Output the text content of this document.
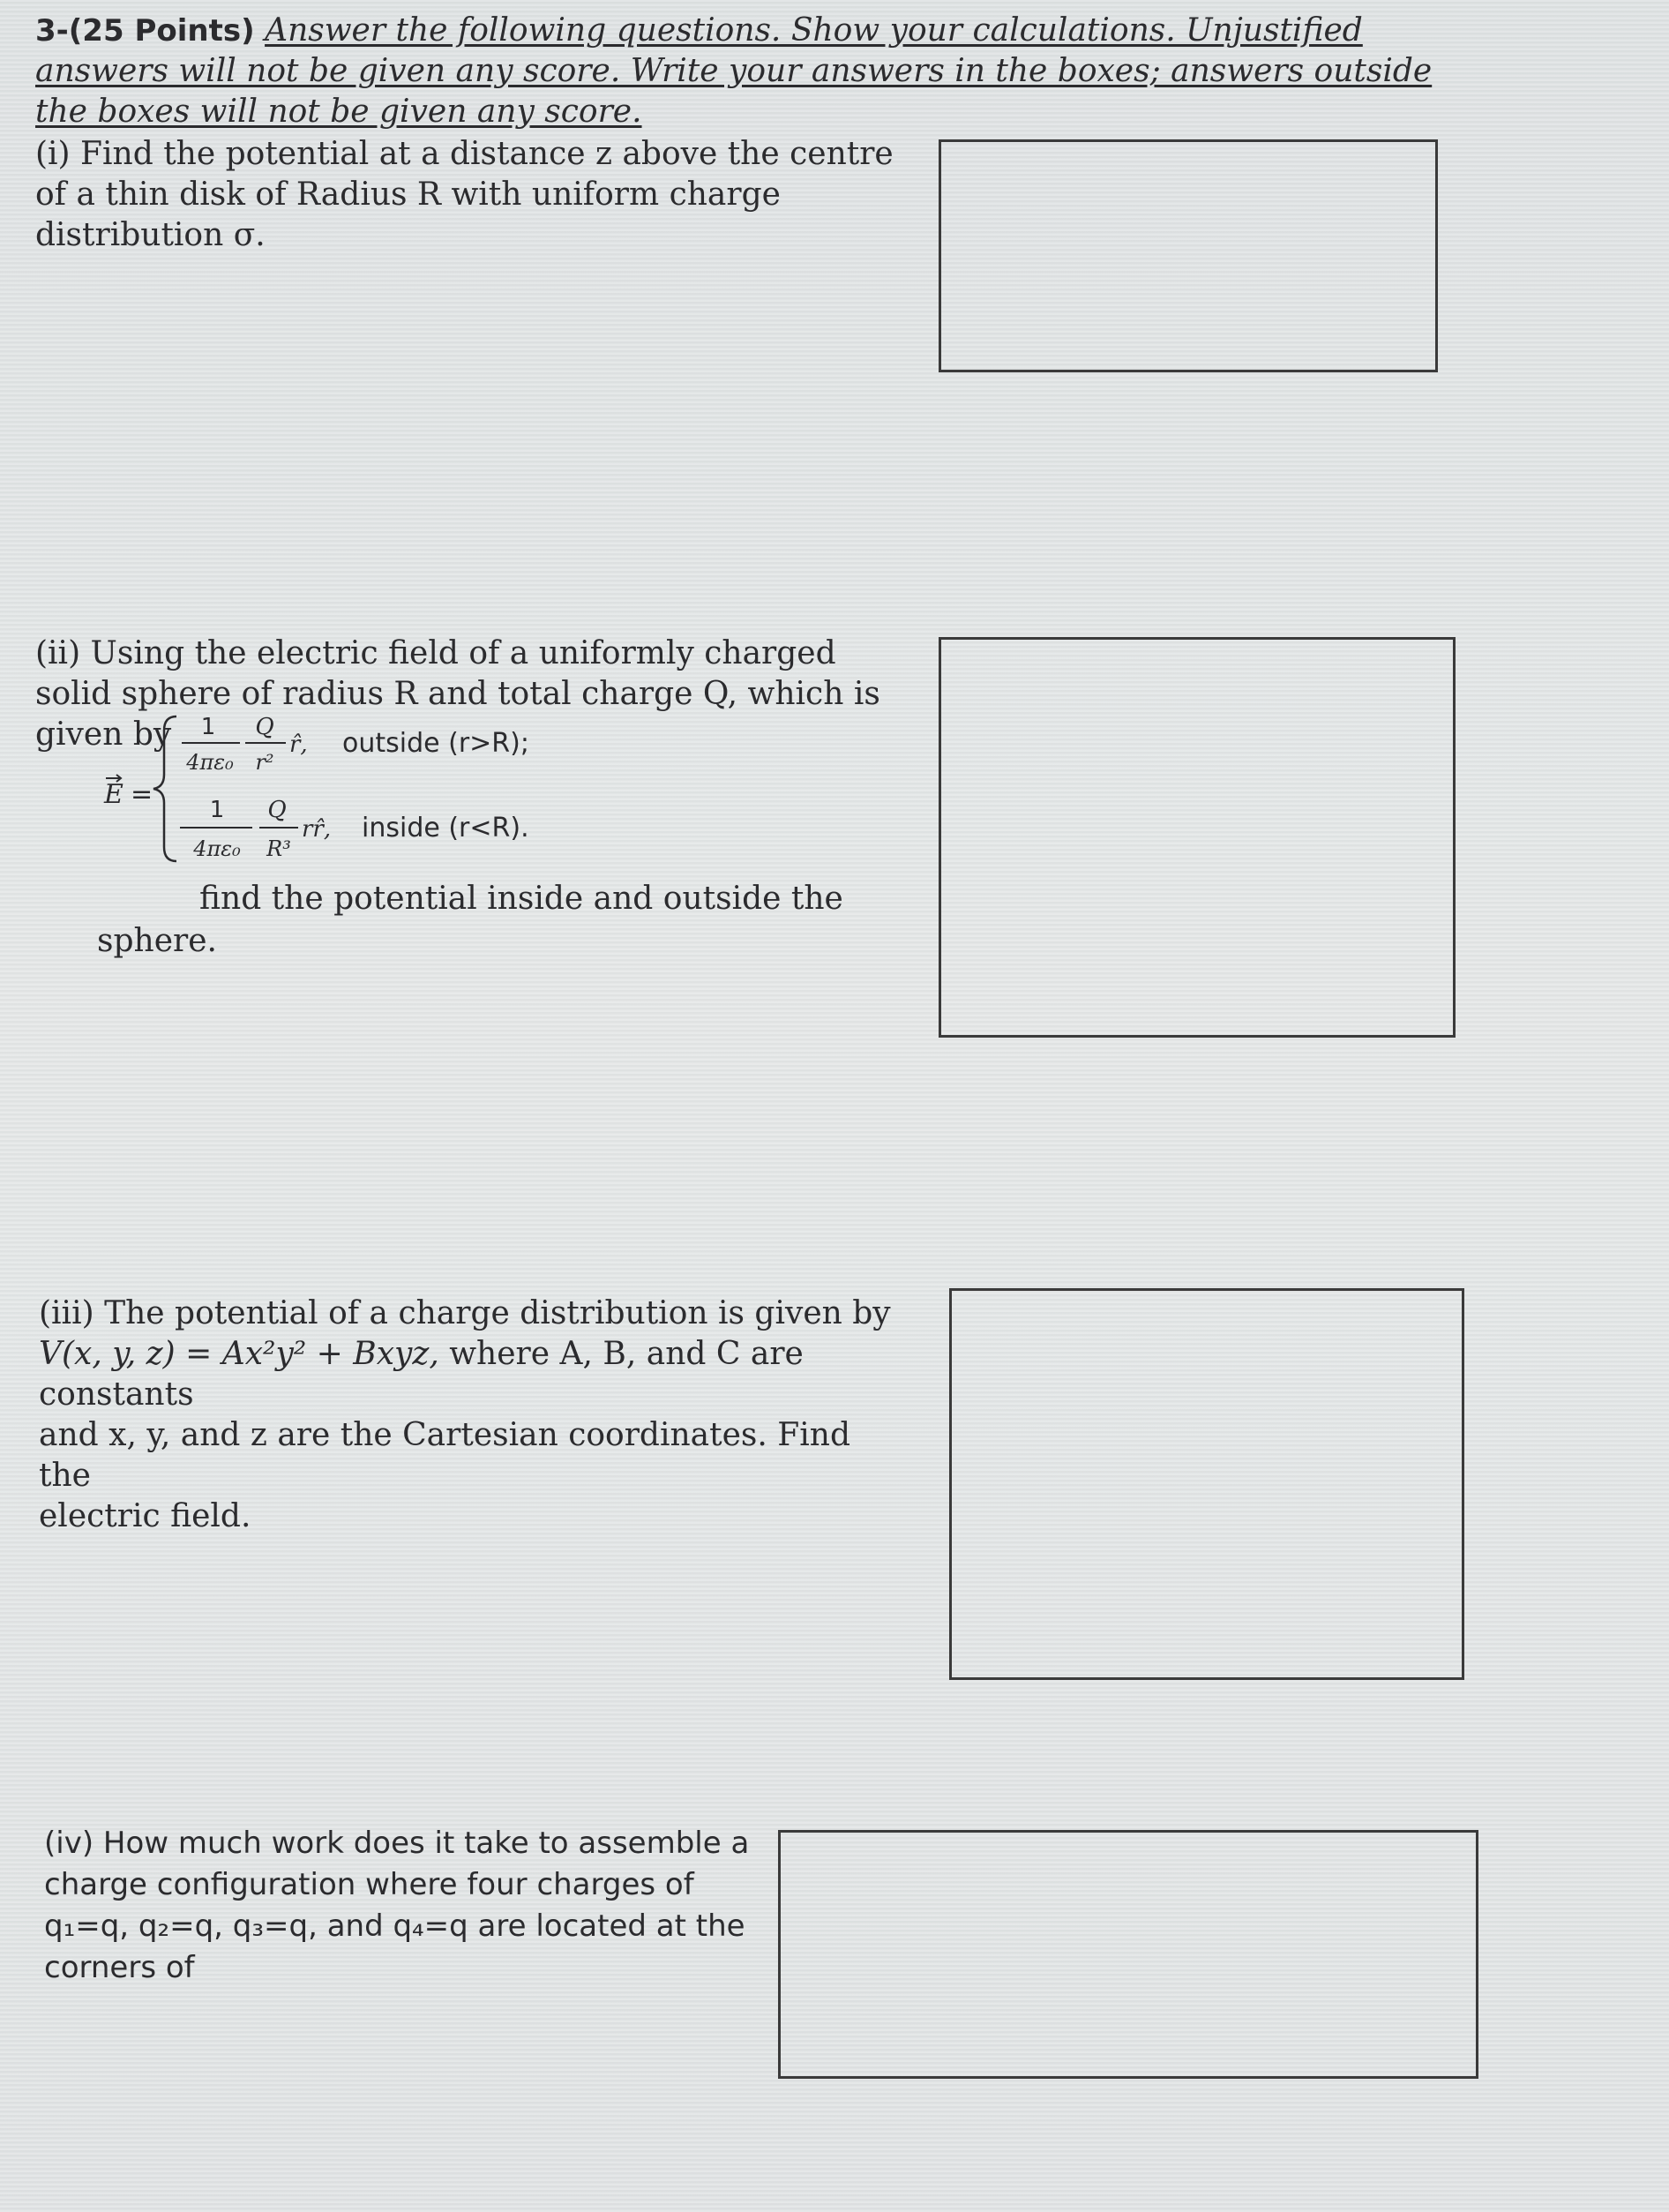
3-(25 Points) Answer the following questions. Show your calculations. Unjustified answers will not be given any score. Write your answers in the boxes; answers outside the boxes will not be given any score.
(i) Find the potential at a distance z above the centre of a thin disk of Radius R with uniform charge distribution σ.
(ii) Using the electric field of a uniformly charged solid sphere of radius R and total charge Q, which is given by
E =
1
4πε₀
Q
r²
r̂, outside (r>R);
1
4πε₀
Q
R³
rr̂, inside (r<R).
find the potential inside and outside the
sphere.
(iii) The potential of a charge distribution is given by
V(x, y, z) = Ax²y² + Bxyz, where A, B, and C are constants
and x, y, and z are the Cartesian coordinates. Find the
electric field.
(iv) How much work does it take to assemble a
charge configuration where four charges of
q₁=q, q₂=q, q₃=q, and q₄=q are located at the
corners of
